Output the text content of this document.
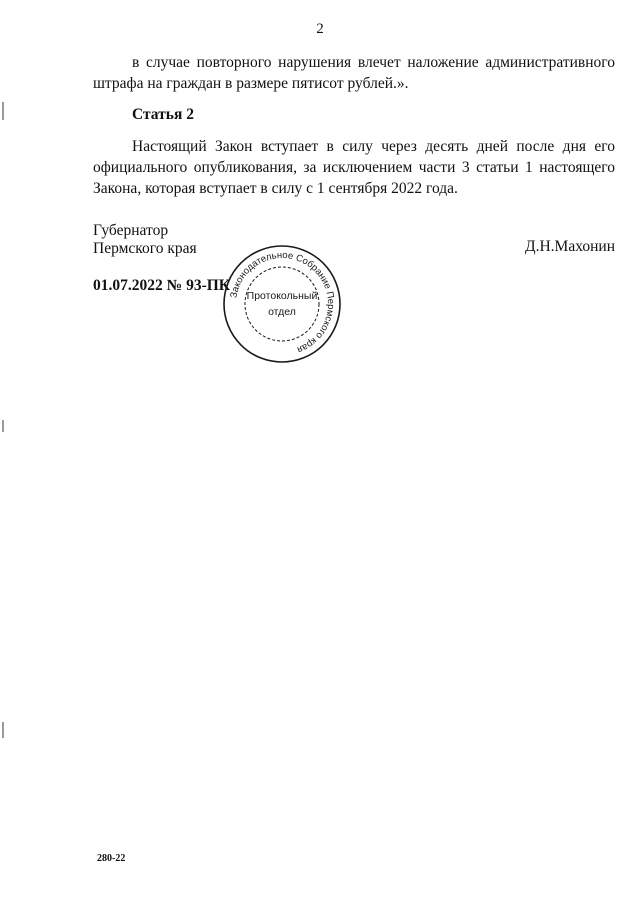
2

в случае повторного нарушения влечет наложение административного штрафа на граждан в размере пятисот рублей.».

Статья 2

Настоящий Закон вступает в силу через десять дней после дня его официального опубликования, за исключением части 3 статьи 1 настоящего Закона, которая вступает в силу с 1 сентября 2022 года.

Губернатор
Пермского края	Д.Н.Махонин
01.07.2022 № 93-ПК
Законодательное Собрание Пермского края
Протокольный
отдел
280-22
